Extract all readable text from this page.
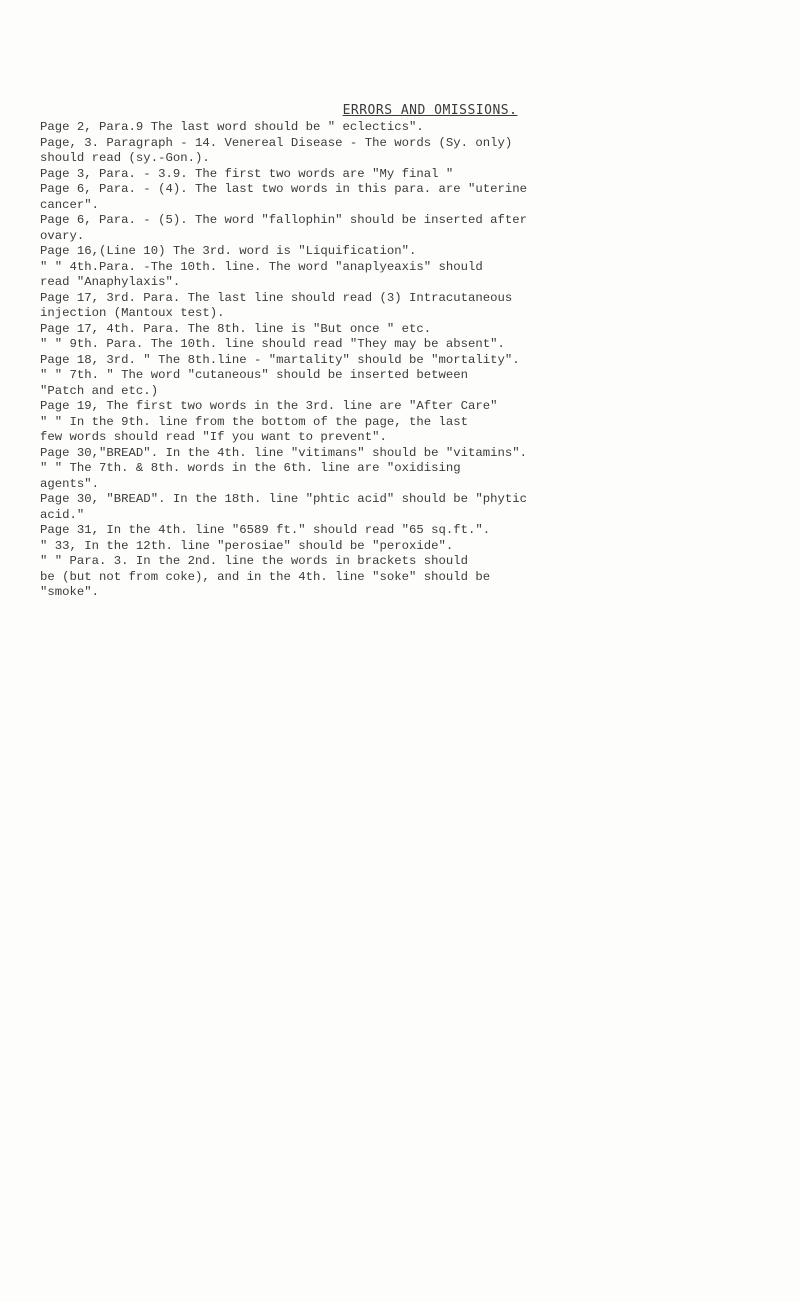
ERRORS AND OMISSIONS.
Page 2, Para.9 The last word should be " eclectics".
Page, 3. Paragraph - 14. Venereal Disease - The words (Sy. only)
should read (sy.-Gon.).
Page 3, Para. - 3.9. The first two words are "My final "
Page 6, Para. - (4). The last two words in this para. are "uterine
cancer".
Page 6, Para. - (5). The word "fallophin" should be inserted after
ovary.
Page 16,(Line 10) The 3rd. word is "Liquification".
" " 4th.Para. -The 10th. line. The word "anaplyeaxis" should
read "Anaphylaxis".
Page 17, 3rd. Para. The last line should read (3) Intracutaneous
injection (Mantoux test).
Page 17, 4th. Para. The 8th. line is "But once " etc.
" " 9th. Para. The 10th. line should read "They may be absent".
Page 18, 3rd. " The 8th.line - "martality" should be "mortality".
" " 7th. " The word "cutaneous" should be inserted between
"Patch and etc.)
Page 19, The first two words in the 3rd. line are "After Care"
" " In the 9th. line from the bottom of the page, the last
few words should read "If you want to prevent".
Page 30,"BREAD". In the 4th. line "vitimans" should be "vitamins".
" " The 7th. & 8th. words in the 6th. line are "oxidising
agents".
Page 30, "BREAD". In the 18th. line "phtic acid" should be "phytic
acid."
Page 31, In the 4th. line "6589 ft." should read "65 sq.ft.".
" 33, In the 12th. line "perosiae" should be "peroxide".
" " Para. 3. In the 2nd. line the words in brackets should
be (but not from coke), and in the 4th. line "soke" should be
"smoke".
